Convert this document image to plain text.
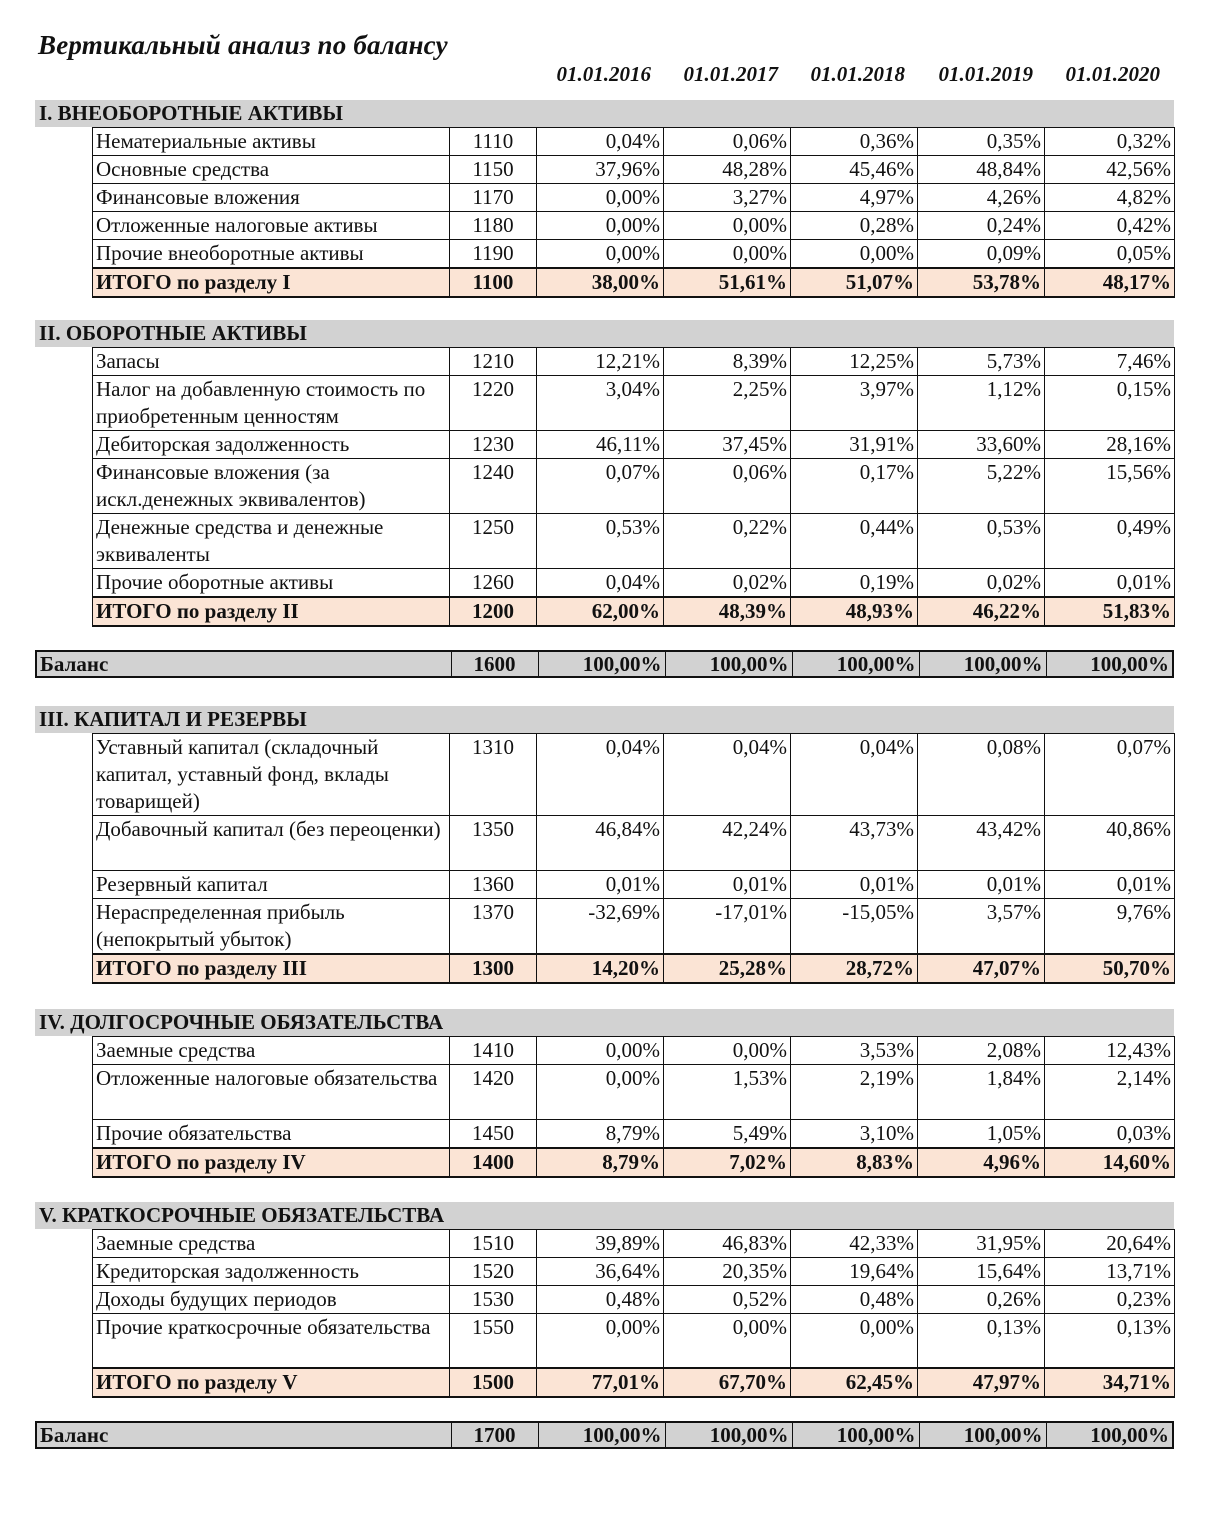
Вертикальный анализ по балансу
01.01.2016	01.01.2017	01.01.2018	01.01.2019	01.01.2020
I. ВНЕОБОРОТНЫЕ АКТИВЫ
Нематериальные активы	1110	0,04%	0,06%	0,36%	0,35%	0,32%
Основные средства	1150	37,96%	48,28%	45,46%	48,84%	42,56%
Финансовые вложения	1170	0,00%	3,27%	4,97%	4,26%	4,82%
Отложенные налоговые активы	1180	0,00%	0,00%	0,28%	0,24%	0,42%
Прочие внеоборотные активы	1190	0,00%	0,00%	0,00%	0,09%	0,05%
ИТОГО по разделу I	1100	38,00%	51,61%	51,07%	53,78%	48,17%
II. ОБОРОТНЫЕ АКТИВЫ
Запасы	1210	12,21%	8,39%	12,25%	5,73%	7,46%
Налог на добавленную стоимость по приобретенным ценностям	1220	3,04%	2,25%	3,97%	1,12%	0,15%
Дебиторская задолженность	1230	46,11%	37,45%	31,91%	33,60%	28,16%
Финансовые вложения (за искл.денежных эквивалентов)	1240	0,07%	0,06%	0,17%	5,22%	15,56%
Денежные средства и денежные эквиваленты	1250	0,53%	0,22%	0,44%	0,53%	0,49%
Прочие оборотные активы	1260	0,04%	0,02%	0,19%	0,02%	0,01%
ИТОГО по разделу II	1200	62,00%	48,39%	48,93%	46,22%	51,83%
Баланс	1600	100,00%	100,00%	100,00%	100,00%	100,00%
III. КАПИТАЛ И РЕЗЕРВЫ
Уставный капитал (складочный капитал, уставный фонд, вклады товарищей)	1310	0,04%	0,04%	0,04%	0,08%	0,07%
Добавочный капитал (без переоценки)	1350	46,84%	42,24%	43,73%	43,42%	40,86%
Резервный капитал	1360	0,01%	0,01%	0,01%	0,01%	0,01%
Нераспределенная прибыль (непокрытый убыток)	1370	-32,69%	-17,01%	-15,05%	3,57%	9,76%
ИТОГО по разделу III	1300	14,20%	25,28%	28,72%	47,07%	50,70%
IV. ДОЛГОСРОЧНЫЕ ОБЯЗАТЕЛЬСТВА
Заемные средства	1410	0,00%	0,00%	3,53%	2,08%	12,43%
Отложенные налоговые обязательства	1420	0,00%	1,53%	2,19%	1,84%	2,14%
Прочие обязательства	1450	8,79%	5,49%	3,10%	1,05%	0,03%
ИТОГО по разделу IV	1400	8,79%	7,02%	8,83%	4,96%	14,60%
V. КРАТКОСРОЧНЫЕ ОБЯЗАТЕЛЬСТВА
Заемные средства	1510	39,89%	46,83%	42,33%	31,95%	20,64%
Кредиторская задолженность	1520	36,64%	20,35%	19,64%	15,64%	13,71%
Доходы будущих периодов	1530	0,48%	0,52%	0,48%	0,26%	0,23%
Прочие краткосрочные обязательства	1550	0,00%	0,00%	0,00%	0,13%	0,13%
ИТОГО по разделу V	1500	77,01%	67,70%	62,45%	47,97%	34,71%
Баланс	1700	100,00%	100,00%	100,00%	100,00%	100,00%
